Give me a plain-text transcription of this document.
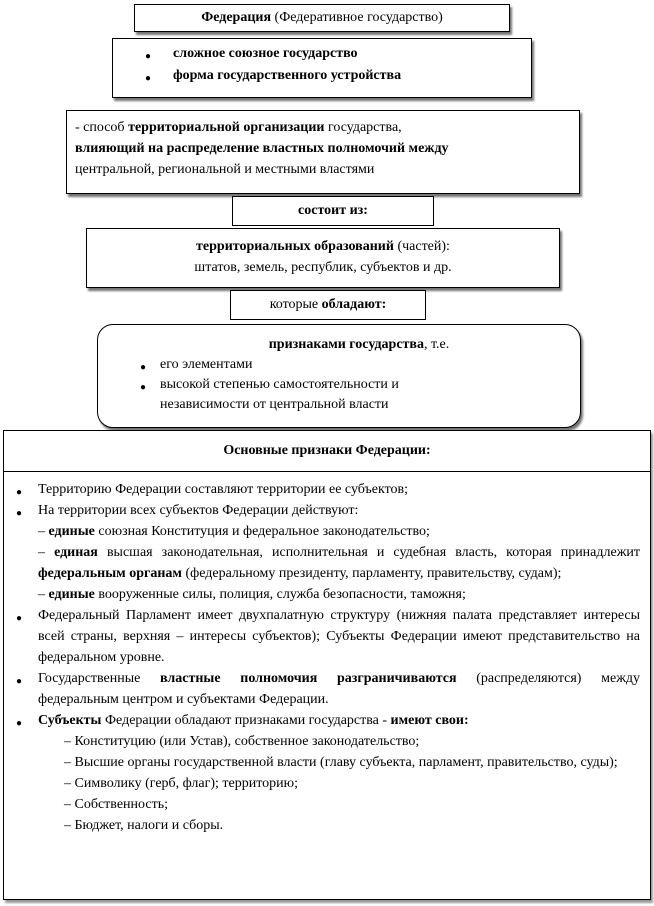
Федерация (Федеративное государство)
● сложное союзное государство
● форма государственного устройства
- способ территориальной организации государства,
влияющий на распределение властных полномочий между
центральной, региональной и местными властями
состоит из:
территориальных образований (частей):
штатов, земель, республик, субъектов и др.
которые обладают:
признаками государства, т.е.
● его элементами
● высокой степенью самостоятельности и
независимости от центральной власти
Основные признаки Федерации:
● Территорию Федерации составляют территории ее субъектов;
● На территории всех субъектов Федерации действуют:
– единые союзная Конституция и федеральное законодательство;
– единая высшая законодательная, исполнительная и судебная власть, которая принадлежит федеральным органам (федеральному президенту, парламенту, правительству, судам);
– единые вооруженные силы, полиция, служба безопасности, таможня;
● Федеральный Парламент имеет двухпалатную структуру (нижняя палата представляет интересы всей страны, верхняя – интересы субъектов); Субъекты Федерации имеют представительство на федеральном уровне.
● Государственные властные полномочия разграничиваются (распределяются) между федеральным центром и субъектами Федерации.
● Субъекты Федерации обладают признаками государства - имеют свои:
– Конституцию (или Устав), собственное законодательство;
– Высшие органы государственной власти (главу субъекта, парламент, правительство, суды);
– Символику (герб, флаг); территорию;
– Собственность;
– Бюджет, налоги и сборы.
